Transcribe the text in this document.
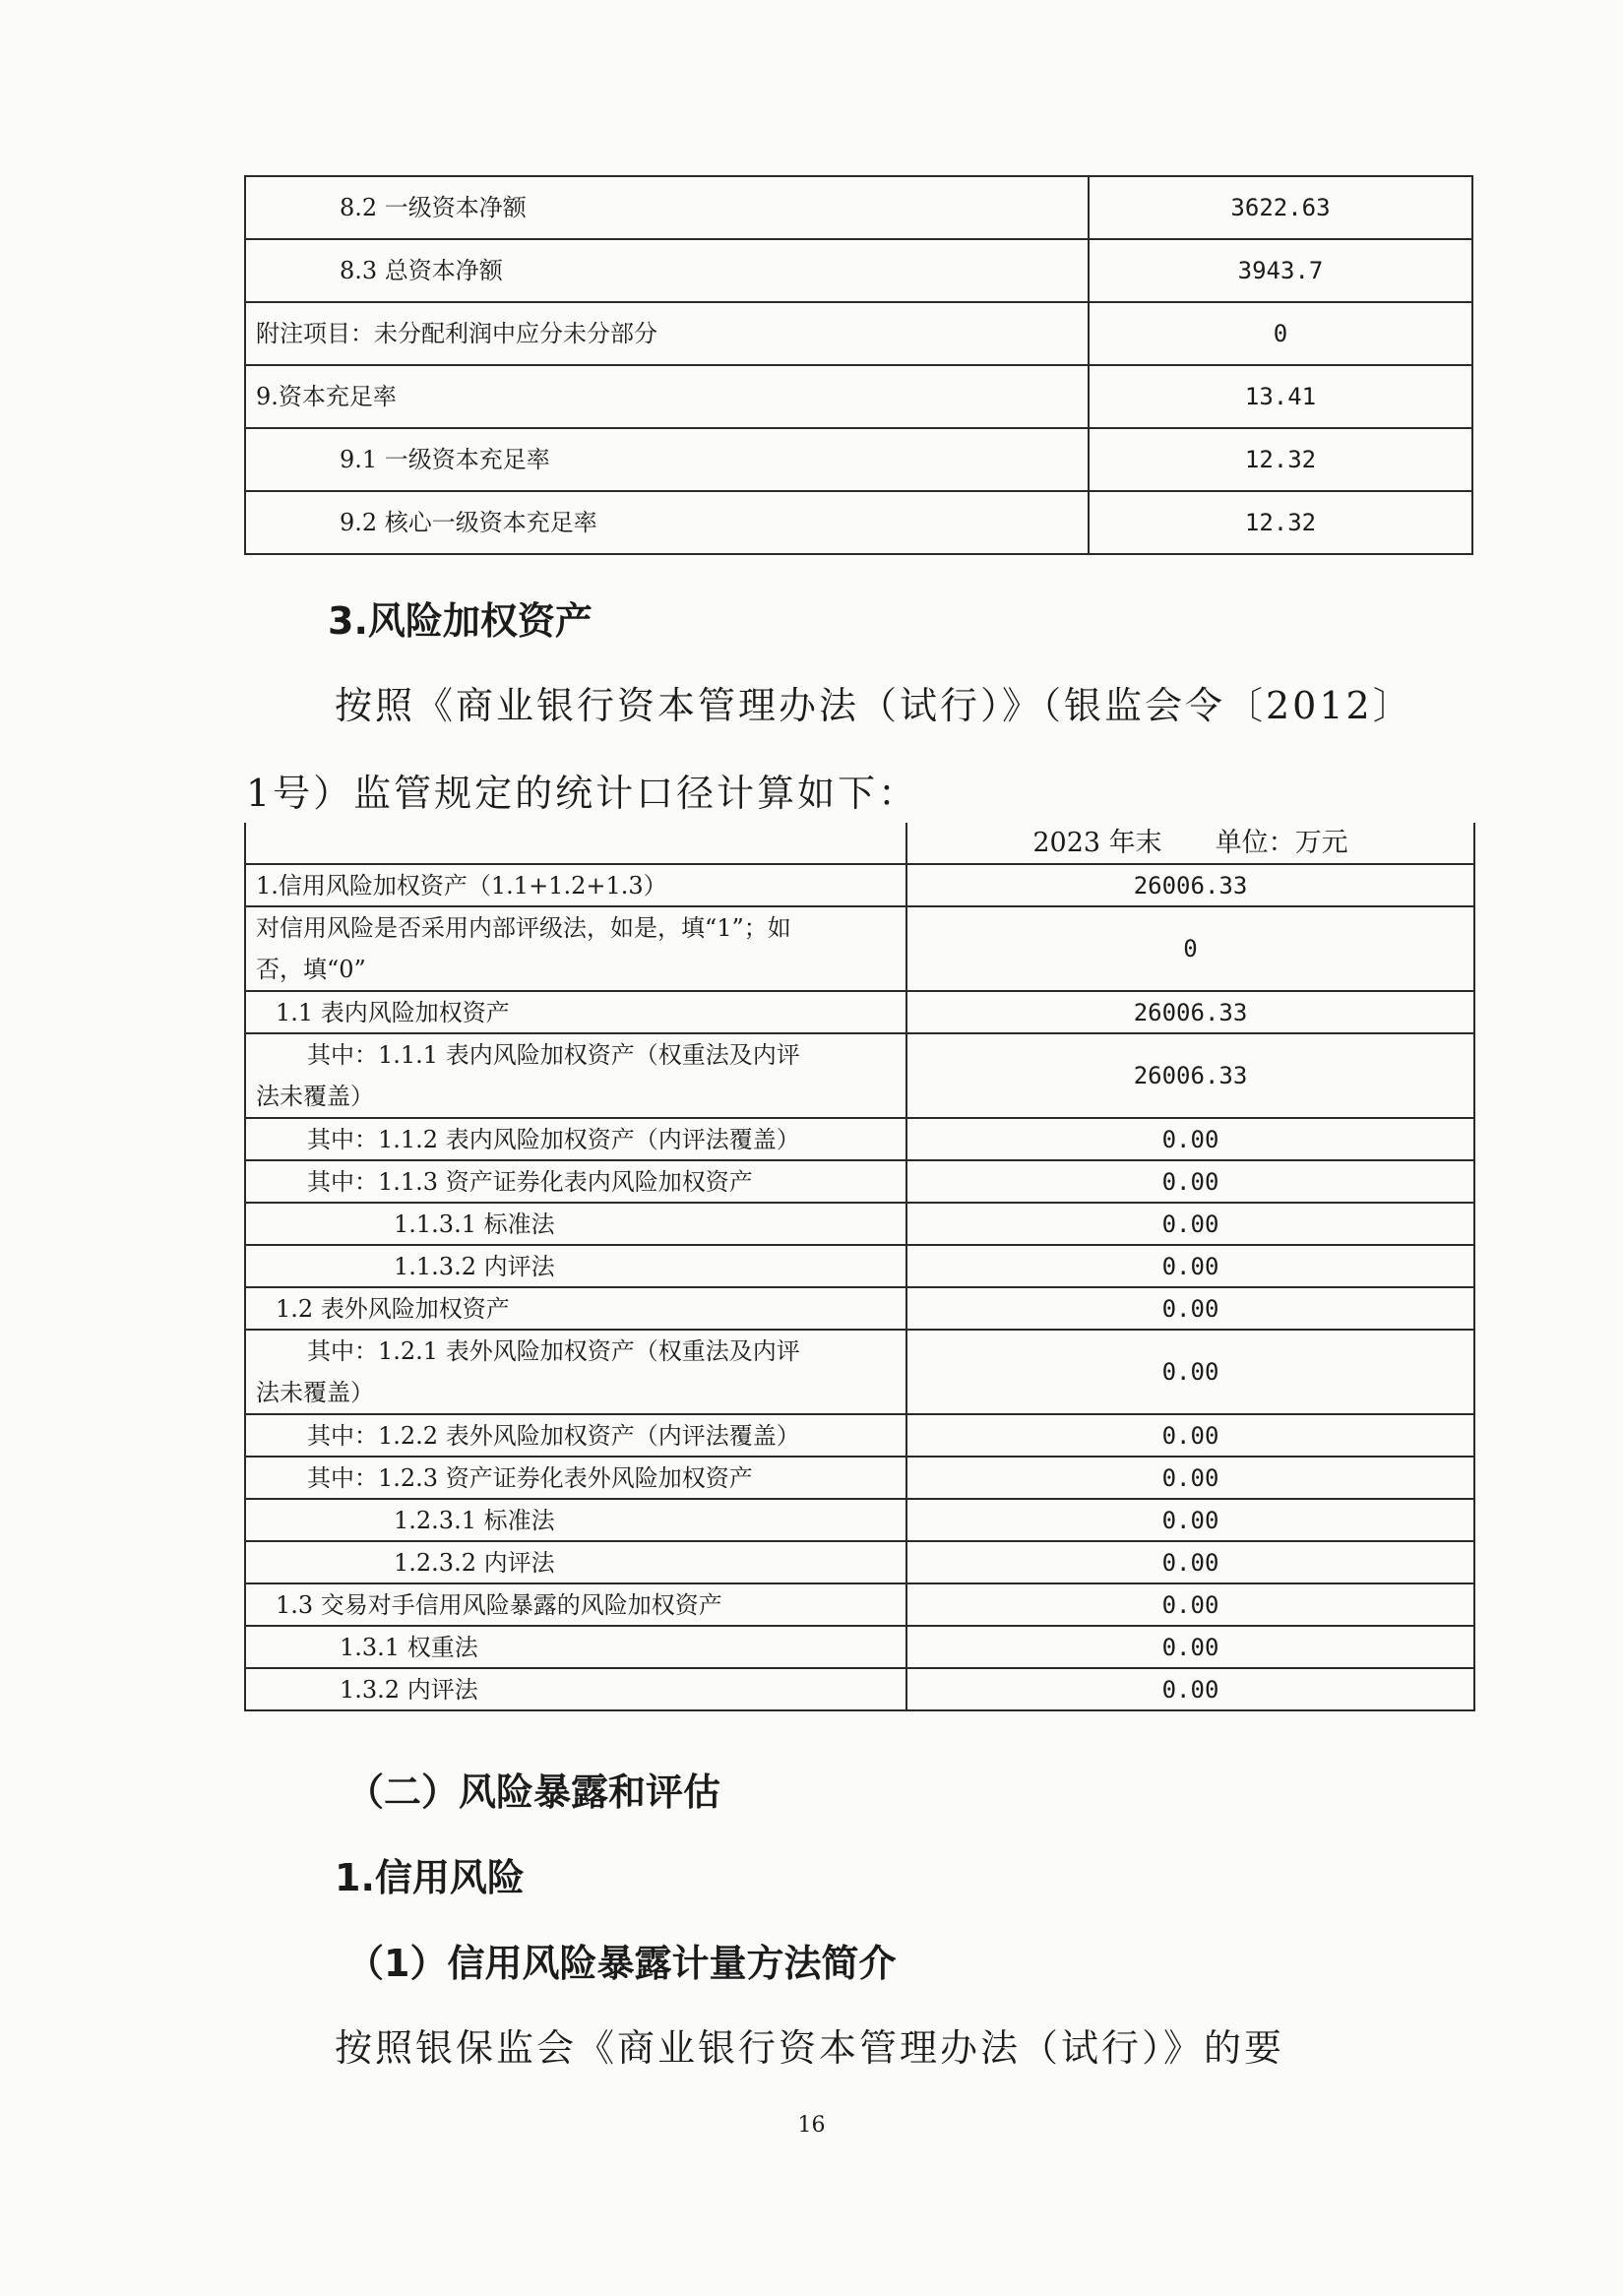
8.2 一级资本净额	3622.63
8.3 总资本净额	3943.7
附注项目：未分配利润中应分未分部分	0
9.资本充足率	13.41
9.1 一级资本充足率	12.32
9.2 核心一级资本充足率	12.32
3.风险加权资产
按照《商业银行资本管理办法（试行）》（银监会令〔2012〕
1号）监管规定的统计口径计算如下：
	2023 年末　　单位：万元
1.信用风险加权资产（1.1+1.2+1.3）	26006.33

对信用风险是否采用内部评级法，如是，填“1”；如
否，填“0”	0
1.1 表内风险加权资产	26006.33

其中：1.1.1 表内风险加权资产（权重法及内评
法未覆盖）	26006.33
其中：1.1.2 表内风险加权资产（内评法覆盖）	0.00
其中：1.1.3 资产证券化表内风险加权资产	0.00
1.1.3.1 标准法	0.00
1.1.3.2 内评法	0.00
1.2 表外风险加权资产	0.00

其中：1.2.1 表外风险加权资产（权重法及内评
法未覆盖）	0.00
其中：1.2.2 表外风险加权资产（内评法覆盖）	0.00
其中：1.2.3 资产证券化表外风险加权资产	0.00
1.2.3.1 标准法	0.00
1.2.3.2 内评法	0.00
1.3 交易对手信用风险暴露的风险加权资产	0.00
1.3.1 权重法	0.00
1.3.2 内评法	0.00
（二）风险暴露和评估
1.信用风险
（1）信用风险暴露计量方法简介
按照银保监会《商业银行资本管理办法（试行）》的要
16
